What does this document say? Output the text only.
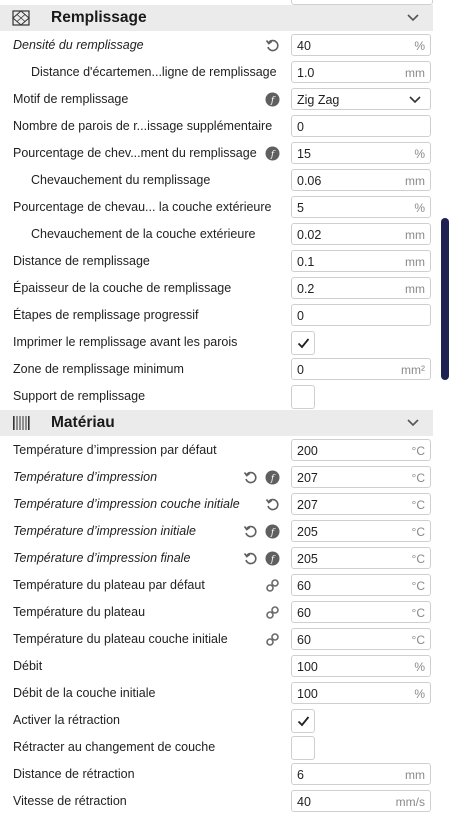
Remplissage
Densité du remplissage	40	%
Distance d'écartemen...ligne de remplissage 1.0	mm
Motif de remplissage	f Zig Zag
Nombre de parois de r...issage supplémentaire 0
Pourcentage de chev...ment du remplissage f 15	%
Chevauchement du remplissage	0.06	mm
Pourcentage de chevau... la couche extérieure 5	%
Chevauchement de la couche extérieure	0.02	mm
Distance de remplissage	0.1	mm
Épaisseur de la couche de remplissage	0.2	mm
Étapes de remplissage progressif	0
Imprimer le remplissage avant les parois
Zone de remplissage minimum	0	mm²
Support de remplissage
Matériau
Température d’impression par défaut	200	°C
Température d’impression	f 207	°C
Température d’impression couche initiale	207	°C
Température d’impression initiale	f 205	°C
Température d’impression finale	f 205	°C
Température du plateau par défaut	60	°C
Température du plateau	60	°C
Température du plateau couche initiale	60	°C
Débit	100	%
Débit de la couche initiale	100	%
Activer la rétraction
Rétracter au changement de couche
Distance de rétraction	6	mm
Vitesse de rétraction	40	mm/s
